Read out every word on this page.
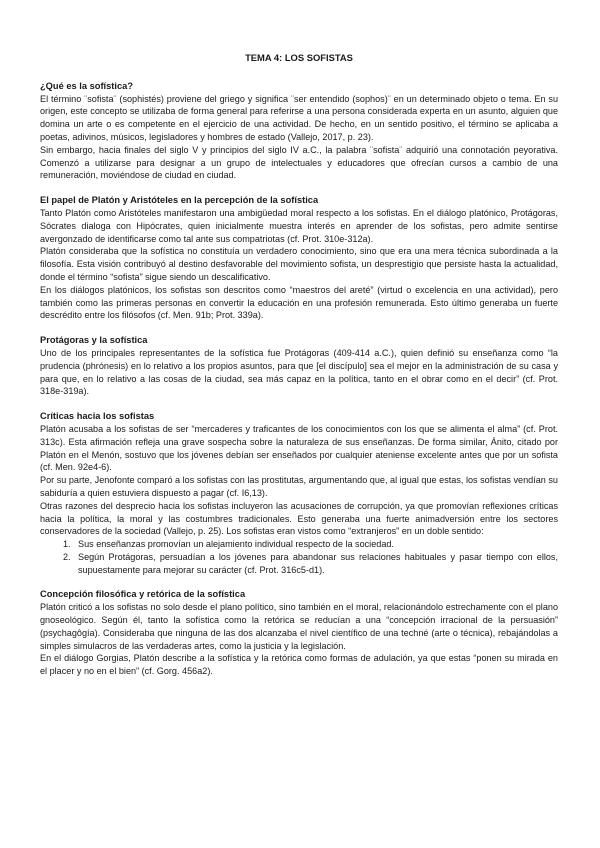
TEMA 4: LOS SOFISTAS

¿Qué es la sofística?

El término ¨sofista¨ (sophistés) proviene del griego y significa ¨ser entendido (sophos)¨ en un determinado objeto o tema. En su origen, este concepto se utilizaba de forma general para referirse a una persona considerada experta en un asunto, alguien que domina un arte o es competente en el ejercicio de una actividad. De hecho, en un sentido positivo, el término se aplicaba a poetas, adivinos, músicos, legisladores y hombres de estado (Vallejo, 2017, p. 23).

Sin embargo, hacia finales del siglo V y principios del siglo IV a.C., la palabra ¨sofista¨ adquirió una connotación peyorativa. Comenzó a utilizarse para designar a un grupo de intelectuales y educadores que ofrecían cursos a cambio de una remuneración, moviéndose de ciudad en ciudad.

El papel de Platón y Aristóteles en la percepción de la sofística

Tanto Platón como Aristóteles manifestaron una ambigüedad moral respecto a los sofistas. En el diálogo platónico, Protágoras, Sócrates dialoga con Hipócrates, quien inicialmente muestra interés en aprender de los sofistas, pero admite sentirse avergonzado de identificarse como tal ante sus compatriotas (cf. Prot. 310e-312a).

Platón consideraba que la sofística no constituía un verdadero conocimiento, sino que era una mera técnica subordinada a la filosofía. Esta visión contribuyó al destino desfavorable del movimiento sofista, un desprestigio que persiste hasta la actualidad, donde el término “sofista” sigue siendo un descalificativo.

En los diálogos platónicos, los sofistas son descritos como “maestros del areté” (virtud o excelencia en una actividad), pero también como las primeras personas en convertir la educación en una profesión remunerada. Esto último generaba un fuerte descrédito entre los filósofos (cf. Men. 91b; Prot. 339a).

Protágoras y la sofística

Uno de los principales representantes de la sofística fue Protágoras (409-414 a.C.), quien definió su enseñanza como “la prudencia (phrónesis) en lo relativo a los propios asuntos, para que [el discípulo] sea el mejor en la administración de su casa y para que, en lo relativo a las cosas de la ciudad, sea más capaz en la política, tanto en el obrar como en el decir” (cf. Prot. 318e-319a).

Críticas hacia los sofistas

Platón acusaba a los sofistas de ser “mercaderes y traficantes de los conocimientos con los que se alimenta el alma” (cf. Prot. 313c). Esta afirmación refleja una grave sospecha sobre la naturaleza de sus enseñanzas. De forma similar, Ánito, citado por Platón en el Menón, sostuvo que los jóvenes debían ser enseñados por cualquier ateniense excelente antes que por un sofista (cf. Men. 92e4-6).

Por su parte, Jenofonte comparó a los sofistas con las prostitutas, argumentando que, al igual que estas, los sofistas vendían su sabiduría a quien estuviera dispuesto a pagar (cf. I6,13).

Otras razones del desprecio hacia los sofistas incluyeron las acusaciones de corrupción, ya que promovían reflexiones críticas hacia la política, la moral y las costumbres tradicionales. Esto generaba una fuerte animadversión entre los sectores conservadores de la sociedad (Vallejo, p. 25). Los sofistas eran vistos como “extranjeros” en un doble sentido:

1. Sus enseñanzas promovían un alejamiento individual respecto de la sociedad.
2. Según Protágoras, persuadían a los jóvenes para abandonar sus relaciones habituales y pasar tiempo con ellos, supuestamente para mejorar su carácter (cf. Prot. 316c5-d1).

Concepción filosófica y retórica de la sofística

Platón criticó a los sofistas no solo desde el plano político, sino también en el moral, relacionándolo estrechamente con el plano gnoseológico. Según él, tanto la sofística como la retórica se reducían a una “concepción irracional de la persuasión” (psychagôgía). Consideraba que ninguna de las dos alcanzaba el nivel científico de una techné (arte o técnica), rebajándolas a simples simulacros de las verdaderas artes, como la justicia y la legislación.

En el diálogo Gorgias, Platón describe a la sofística y la retórica como formas de adulación, ya que estas “ponen su mirada en el placer y no en el bien” (cf. Gorg. 456a2).
